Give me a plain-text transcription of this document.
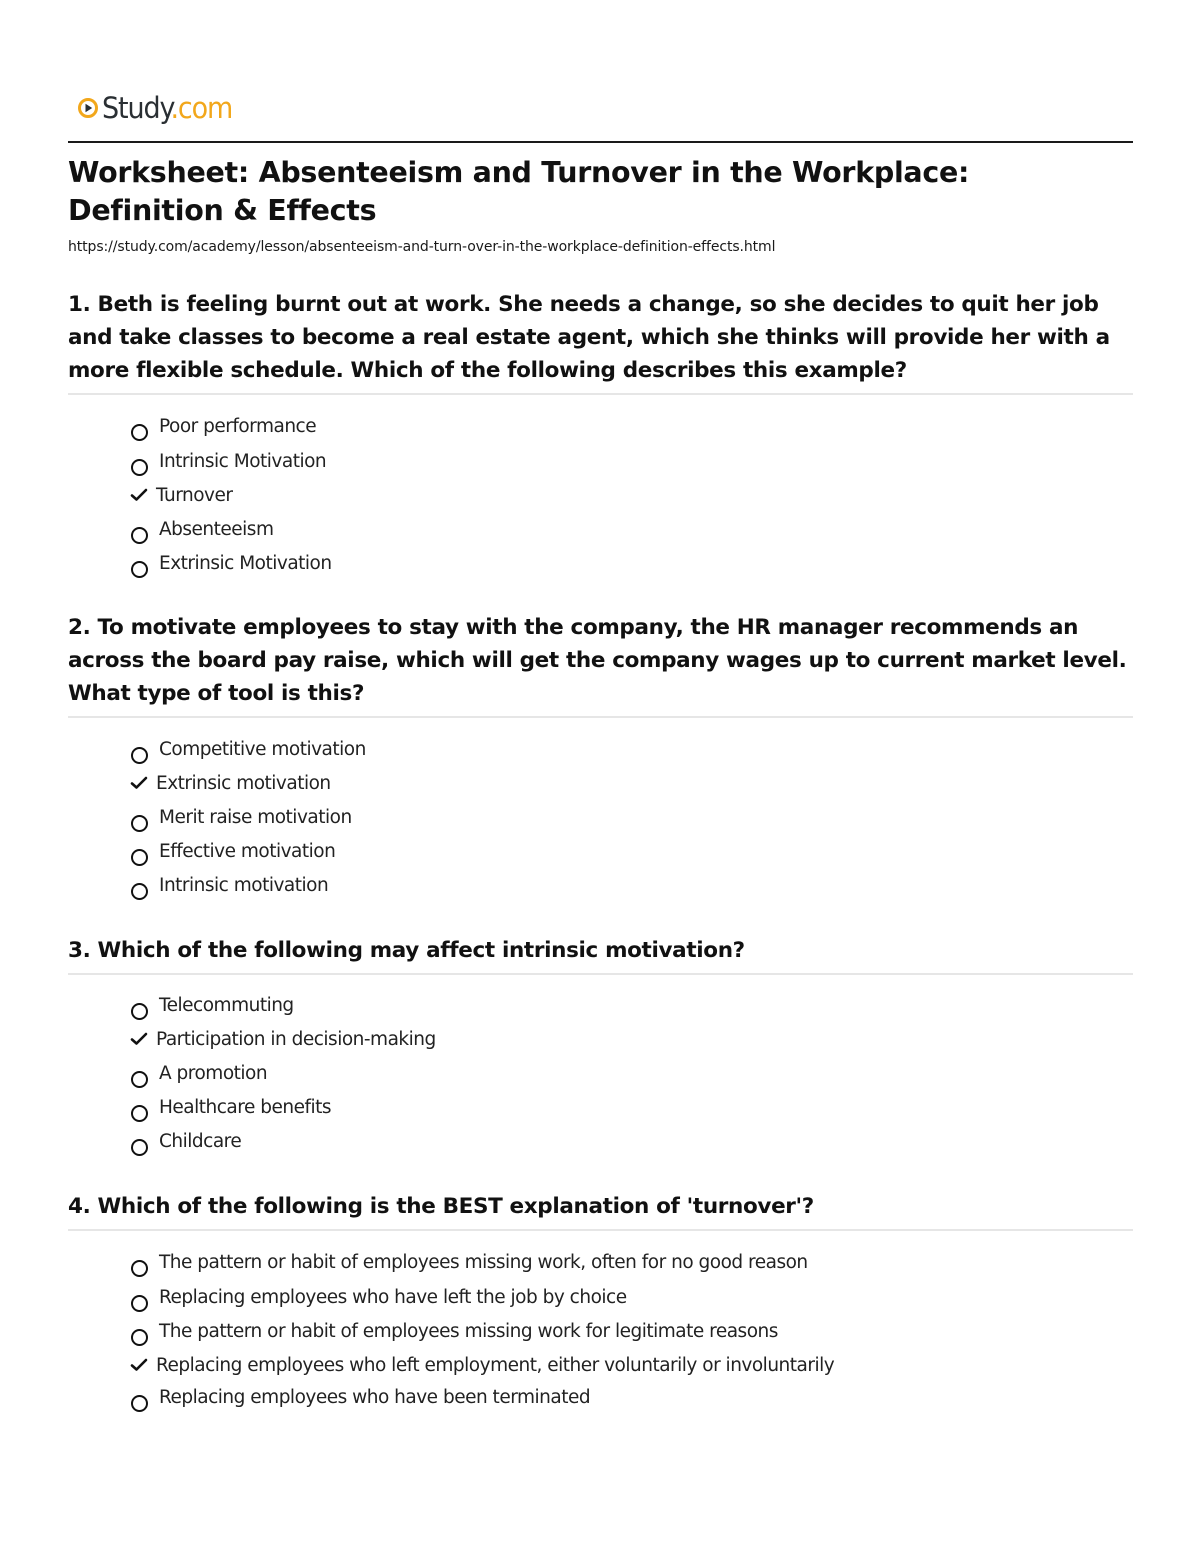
Study.com
Worksheet: Absenteeism and Turnover in the Workplace: Definition & Effects
https://study.com/academy/lesson/absenteeism-and-turn-over-in-the-workplace-definition-effects.html

1. Beth is feeling burnt out at work. She needs a change, so she decides to quit her job and take classes to become a real estate agent, which she thinks will provide her with a more flexible schedule. Which of the following describes this example?

Poor performance
Intrinsic Motivation
Turnover
Absenteeism
Extrinsic Motivation

2. To motivate employees to stay with the company, the HR manager recommends an across the board pay raise, which will get the company wages up to current market level. What type of tool is this?

Competitive motivation
Extrinsic motivation
Merit raise motivation
Effective motivation
Intrinsic motivation

3. Which of the following may affect intrinsic motivation?

Telecommuting
Participation in decision-making
A promotion
Healthcare benefits
Childcare

4. Which of the following is the BEST explanation of 'turnover'?

The pattern or habit of employees missing work, often for no good reason
Replacing employees who have left the job by choice
The pattern or habit of employees missing work for legitimate reasons
Replacing employees who left employment, either voluntarily or involuntarily
Replacing employees who have been terminated
